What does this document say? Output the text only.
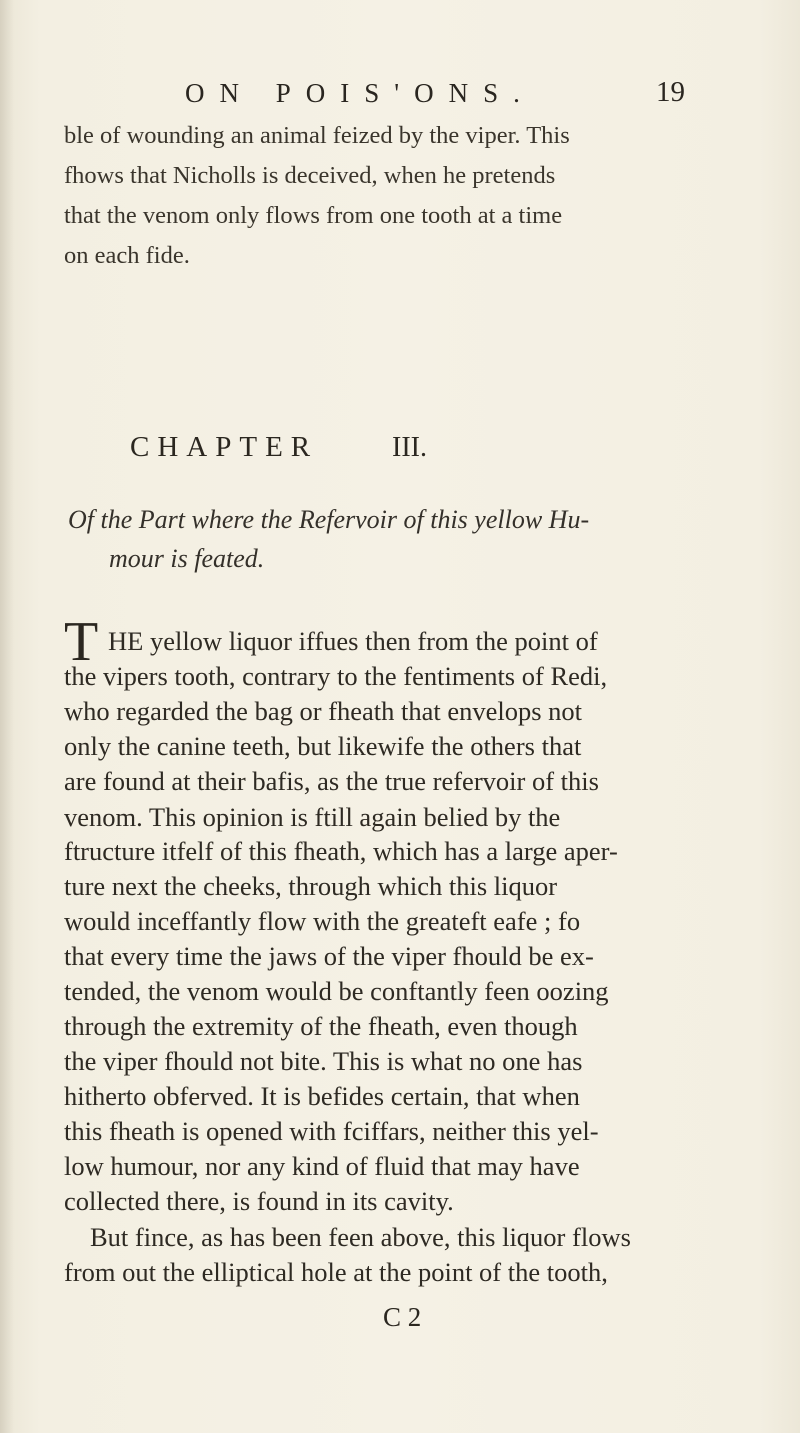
ON POIS'ONS.	19
ble of wounding an animal feized by the viper. This
fhows that Nicholls is deceived, when he pretends
that the venom only flows from one tooth at a time
on each fide.
CHAPTER	III.
Of the Part where the Refervoir of this yellow Hu-
mour is feated.
T HE yellow liquor iffues then from the point of
the vipers tooth, contrary to the fentiments of Redi,
who regarded the bag or fheath that envelops not
only the canine teeth, but likewife the others that
are found at their bafis, as the true refervoir of this
venom. This opinion is ftill again belied by the
ftructure itfelf of this fheath, which has a large aper-
ture next the cheeks, through which this liquor
would inceffantly flow with the greateft eafe ; fo
that every time the jaws of the viper fhould be ex-
tended, the venom would be conftantly feen oozing
through the extremity of the fheath, even though
the viper fhould not bite. This is what no one has
hitherto obferved. It is befides certain, that when
this fheath is opened with fciffars, neither this yel-
low humour, nor any kind of fluid that may have
collected there, is found in its cavity.
But fince, as has been feen above, this liquor flows
from out the elliptical hole at the point of the tooth,
C 2
